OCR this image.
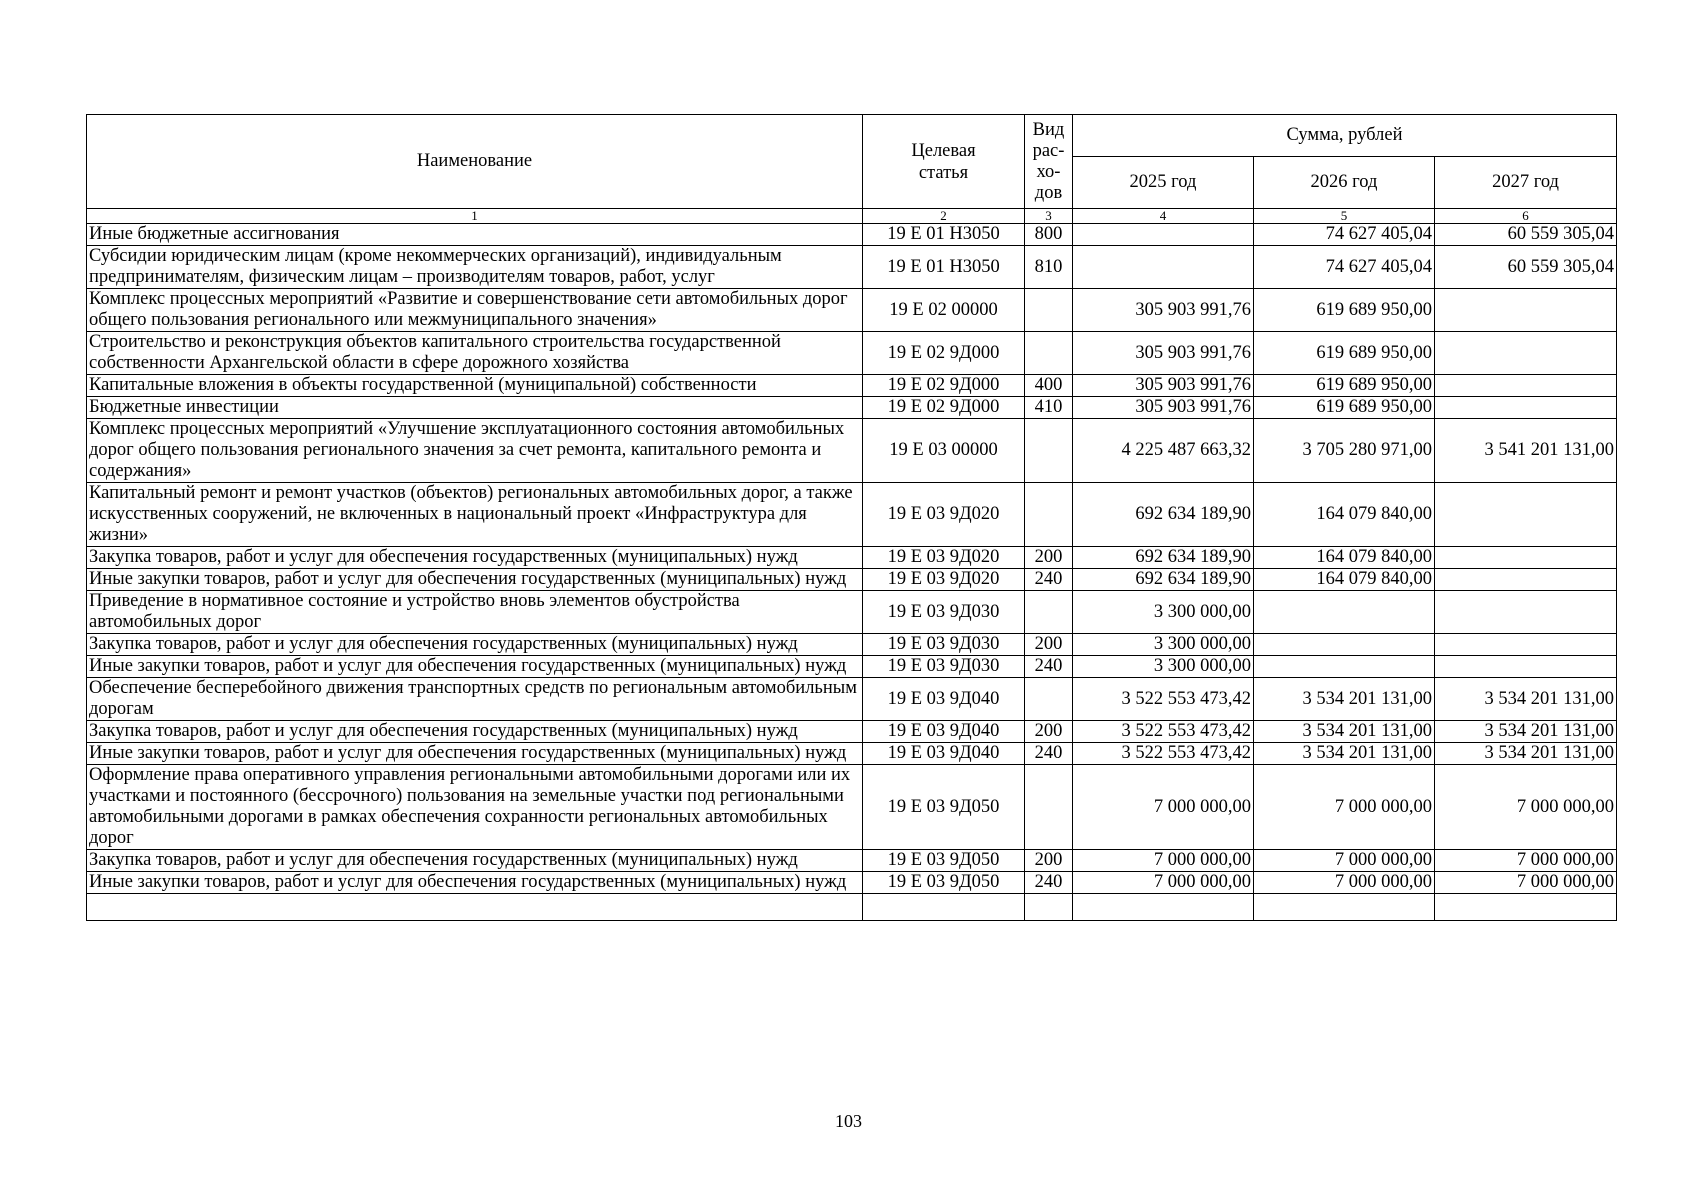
Наименование	Целевая статья	Вид
рас-
хо-
дов	Сумма, рублей		
			2025 год	2026 год	2027 год
1	2	3	4	5	6
Иные бюджетные ассигнования	19 Е 01 Н3050	800		74 627 405,04	60 559 305,04
Субсидии юридическим лицам (кроме некоммерческих организаций), индивидуальным предпринимателям, физическим лицам – производителям товаров, работ, услуг	19 Е 01 Н3050	810		74 627 405,04	60 559 305,04
Комплекс процессных мероприятий «Развитие и совершенствование сети автомобильных дорог общего пользования регионального или межмуниципального значения»	19 Е 02 00000		305 903 991,76	619 689 950,00	
Строительство и реконструкция объектов капитального строительства государственной собственности Архангельской области в сфере дорожного хозяйства	19 Е 02 9Д000		305 903 991,76	619 689 950,00	
Капитальные вложения в объекты государственной (муниципальной) собственности	19 Е 02 9Д000	400	305 903 991,76	619 689 950,00	
Бюджетные инвестиции	19 Е 02 9Д000	410	305 903 991,76	619 689 950,00	
Комплекс процессных мероприятий «Улучшение эксплуатационного состояния автомобильных дорог общего пользования регионального значения за счет ремонта, капитального ремонта и содержания»	19 Е 03 00000		4 225 487 663,32	3 705 280 971,00	3 541 201 131,00
Капитальный ремонт и ремонт участков (объектов) региональных автомобильных дорог, а также искусственных сооружений, не включенных в национальный проект «Инфраструктура для жизни»	19 Е 03 9Д020		692 634 189,90	164 079 840,00	
Закупка товаров, работ и услуг для обеспечения государственных (муниципальных) нужд	19 Е 03 9Д020	200	692 634 189,90	164 079 840,00	
Иные закупки товаров, работ и услуг для обеспечения государственных (муниципальных) нужд	19 Е 03 9Д020	240	692 634 189,90	164 079 840,00	
Приведение в нормативное состояние и устройство вновь элементов обустройства автомобильных дорог	19 Е 03 9Д030		3 300 000,00		
Закупка товаров, работ и услуг для обеспечения государственных (муниципальных) нужд	19 Е 03 9Д030	200	3 300 000,00		
Иные закупки товаров, работ и услуг для обеспечения государственных (муниципальных) нужд	19 Е 03 9Д030	240	3 300 000,00		
Обеспечение бесперебойного движения транспортных средств по региональным автомобильным дорогам	19 Е 03 9Д040		3 522 553 473,42	3 534 201 131,00	3 534 201 131,00
Закупка товаров, работ и услуг для обеспечения государственных (муниципальных) нужд	19 Е 03 9Д040	200	3 522 553 473,42	3 534 201 131,00	3 534 201 131,00
Иные закупки товаров, работ и услуг для обеспечения государственных (муниципальных) нужд	19 Е 03 9Д040	240	3 522 553 473,42	3 534 201 131,00	3 534 201 131,00
Оформление права оперативного управления региональными автомобильными дорогами или их участками и постоянного (бессрочного) пользования на земельные участки под региональными автомобильными дорогами в рамках обеспечения сохранности региональных автомобильных дорог	19 Е 03 9Д050		7 000 000,00	7 000 000,00	7 000 000,00
Закупка товаров, работ и услуг для обеспечения государственных (муниципальных) нужд	19 Е 03 9Д050	200	7 000 000,00	7 000 000,00	7 000 000,00
Иные закупки товаров, работ и услуг для обеспечения государственных (муниципальных) нужд	19 Е 03 9Д050	240	7 000 000,00	7 000 000,00	7 000 000,00

103
